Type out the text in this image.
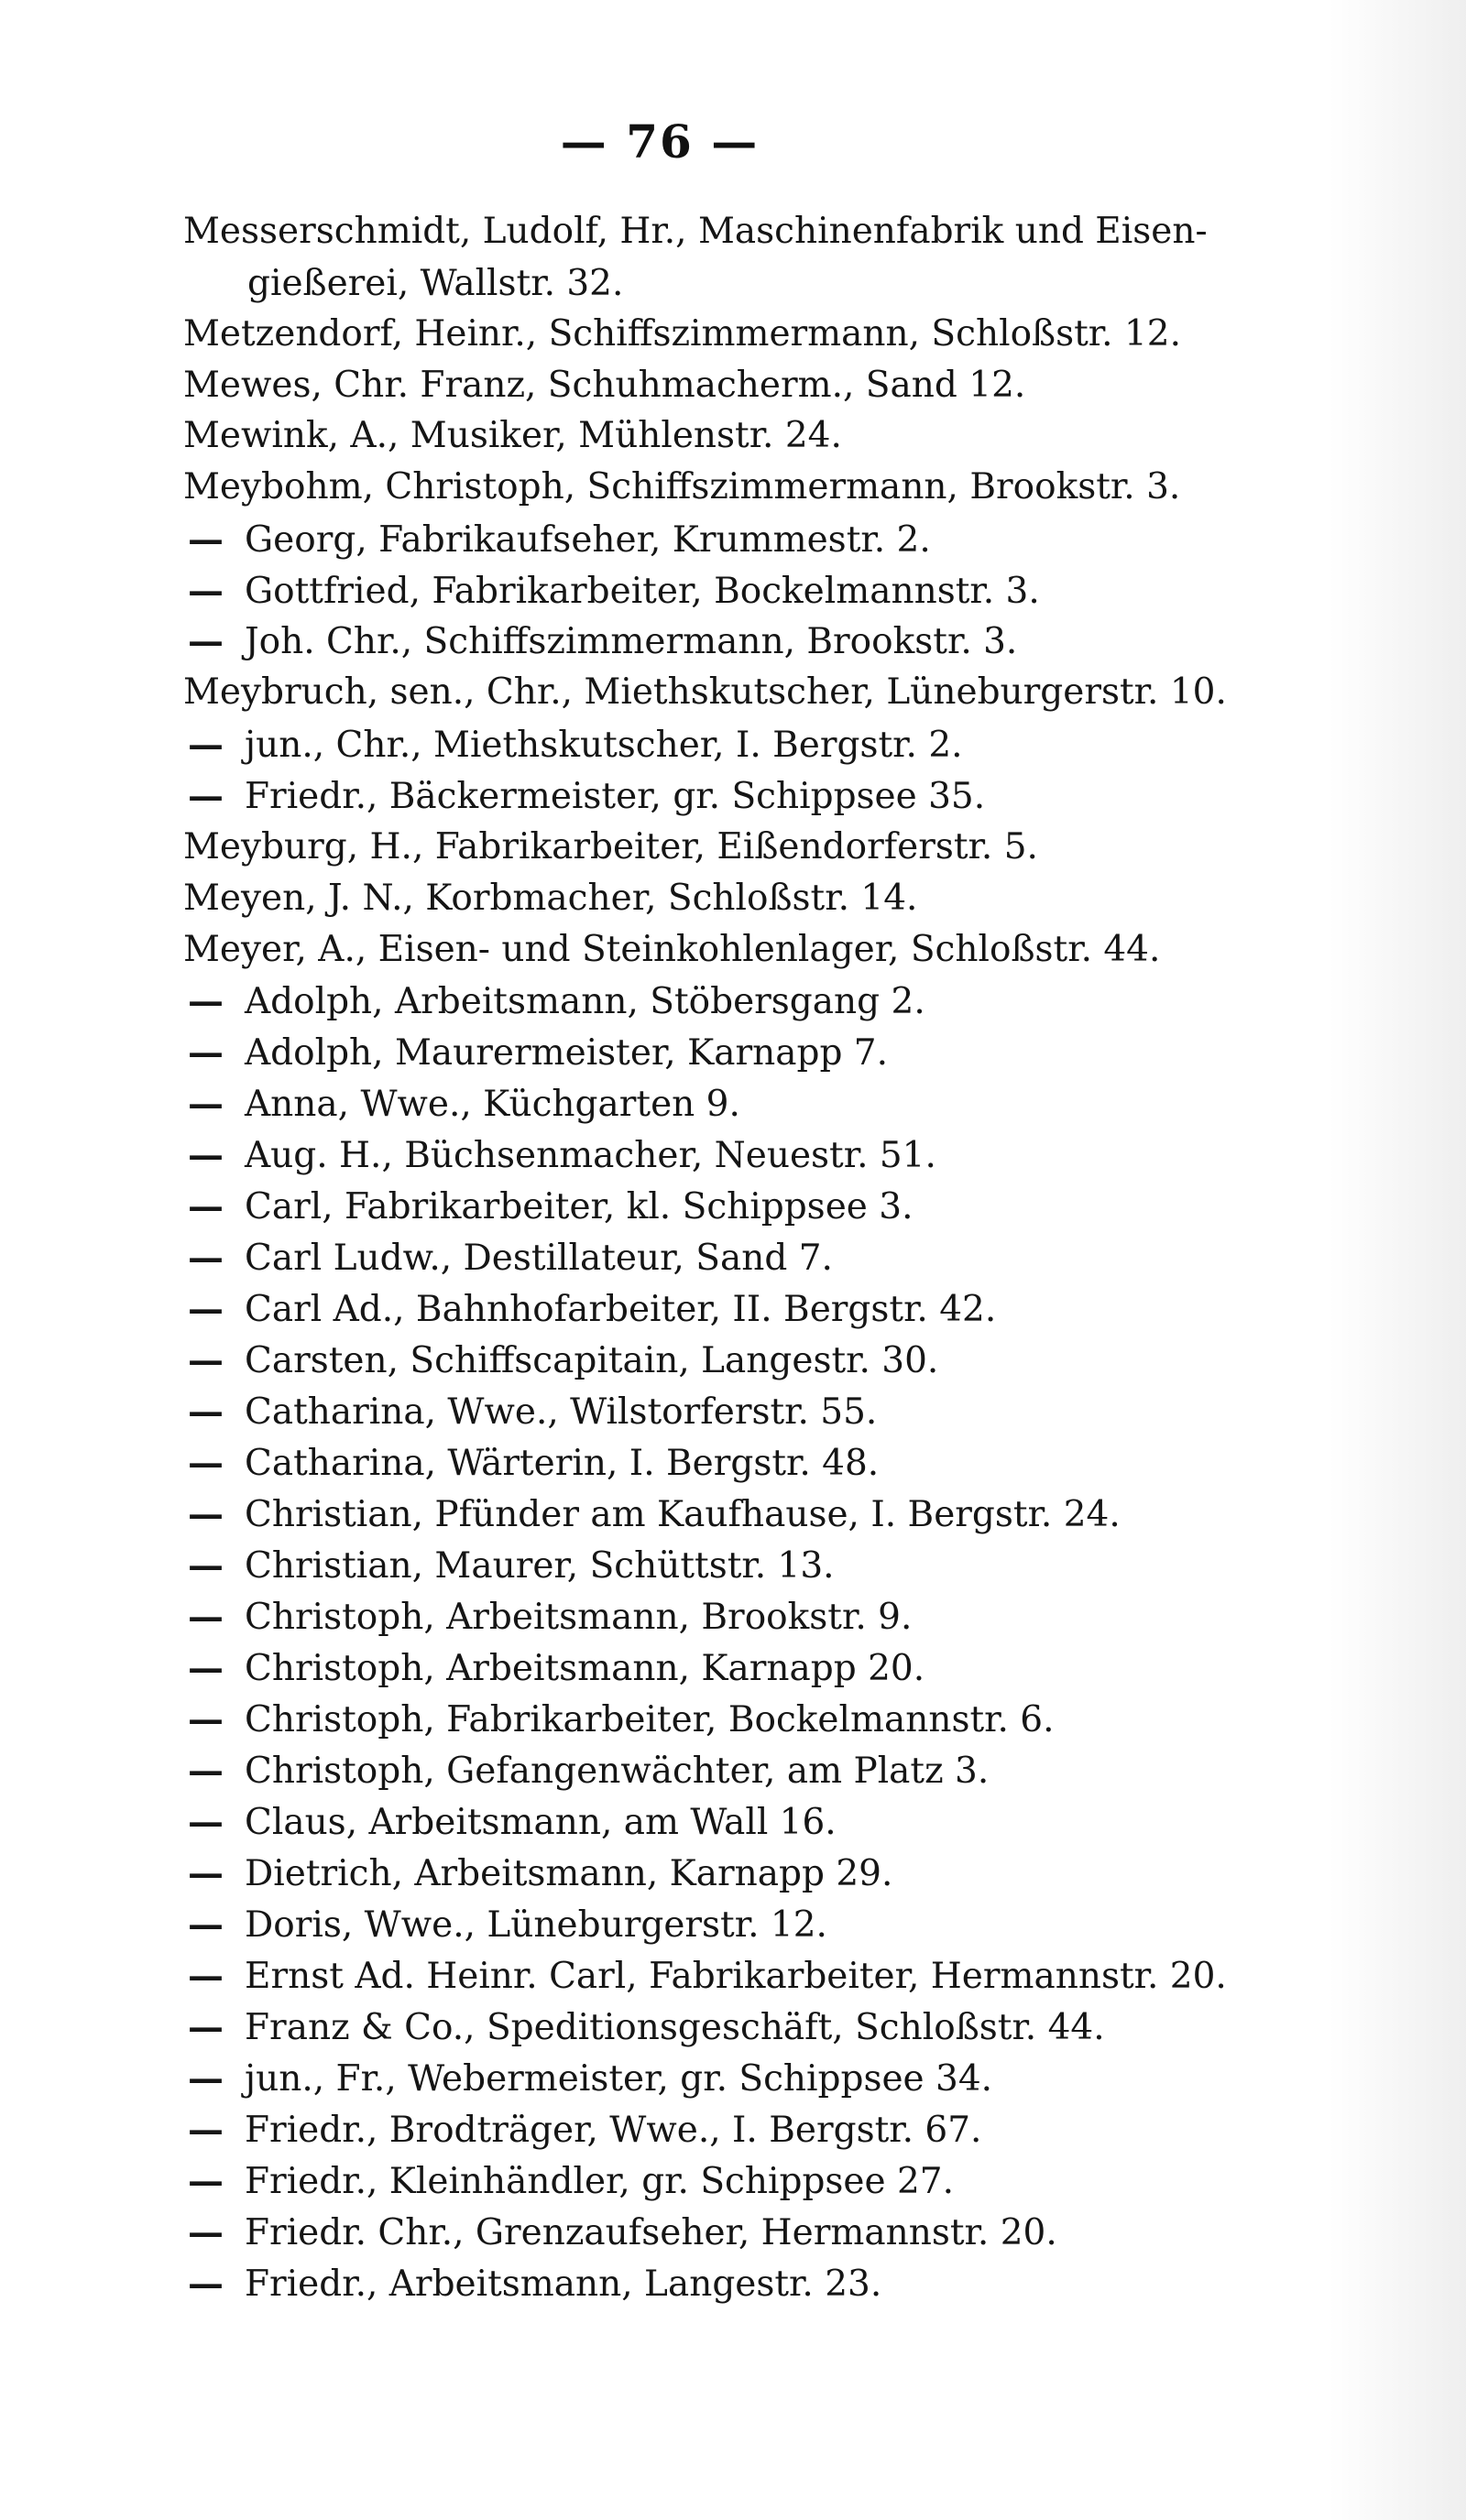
— 76 —
Messerschmidt, Ludolf, Hr., Maschinenfabrik und Eisen-
gießerei, Wallstr. 32.
Metzendorf, Heinr., Schiffszimmermann, Schloßstr. 12.
Mewes, Chr. Franz, Schuhmacherm., Sand 12.
Mewink, A., Musiker, Mühlenstr. 24.
Meybohm, Christoph, Schiffszimmermann, Brookstr. 3.
— Georg, Fabrikaufseher, Krummestr. 2.
— Gottfried, Fabrikarbeiter, Bockelmannstr. 3.
— Joh. Chr., Schiffszimmermann, Brookstr. 3.
Meybruch, sen., Chr., Miethskutscher, Lüneburgerstr. 10.
— jun., Chr., Miethskutscher, I. Bergstr. 2.
— Friedr., Bäckermeister, gr. Schippsee 35.
Meyburg, H., Fabrikarbeiter, Eißendorferstr. 5.
Meyen, J. N., Korbmacher, Schloßstr. 14.
Meyer, A., Eisen- und Steinkohlenlager, Schloßstr. 44.
— Adolph, Arbeitsmann, Stöbersgang 2.
— Adolph, Maurermeister, Karnapp 7.
— Anna, Wwe., Küchgarten 9.
— Aug. H., Büchsenmacher, Neuestr. 51.
— Carl, Fabrikarbeiter, kl. Schippsee 3.
— Carl Ludw., Destillateur, Sand 7.
— Carl Ad., Bahnhofarbeiter, II. Bergstr. 42.
— Carsten, Schiffscapitain, Langestr. 30.
— Catharina, Wwe., Wilstorferstr. 55.
— Catharina, Wärterin, I. Bergstr. 48.
— Christian, Pfünder am Kaufhause, I. Bergstr. 24.
— Christian, Maurer, Schüttstr. 13.
— Christoph, Arbeitsmann, Brookstr. 9.
— Christoph, Arbeitsmann, Karnapp 20.
— Christoph, Fabrikarbeiter, Bockelmannstr. 6.
— Christoph, Gefangenwächter, am Platz 3.
— Claus, Arbeitsmann, am Wall 16.
— Dietrich, Arbeitsmann, Karnapp 29.
— Doris, Wwe., Lüneburgerstr. 12.
— Ernst Ad. Heinr. Carl, Fabrikarbeiter, Hermannstr. 20.
— Franz & Co., Speditionsgeschäft, Schloßstr. 44.
— jun., Fr., Webermeister, gr. Schippsee 34.
— Friedr., Brodträger, Wwe., I. Bergstr. 67.
— Friedr., Kleinhändler, gr. Schippsee 27.
— Friedr. Chr., Grenzaufseher, Hermannstr. 20.
— Friedr., Arbeitsmann, Langestr. 23.
